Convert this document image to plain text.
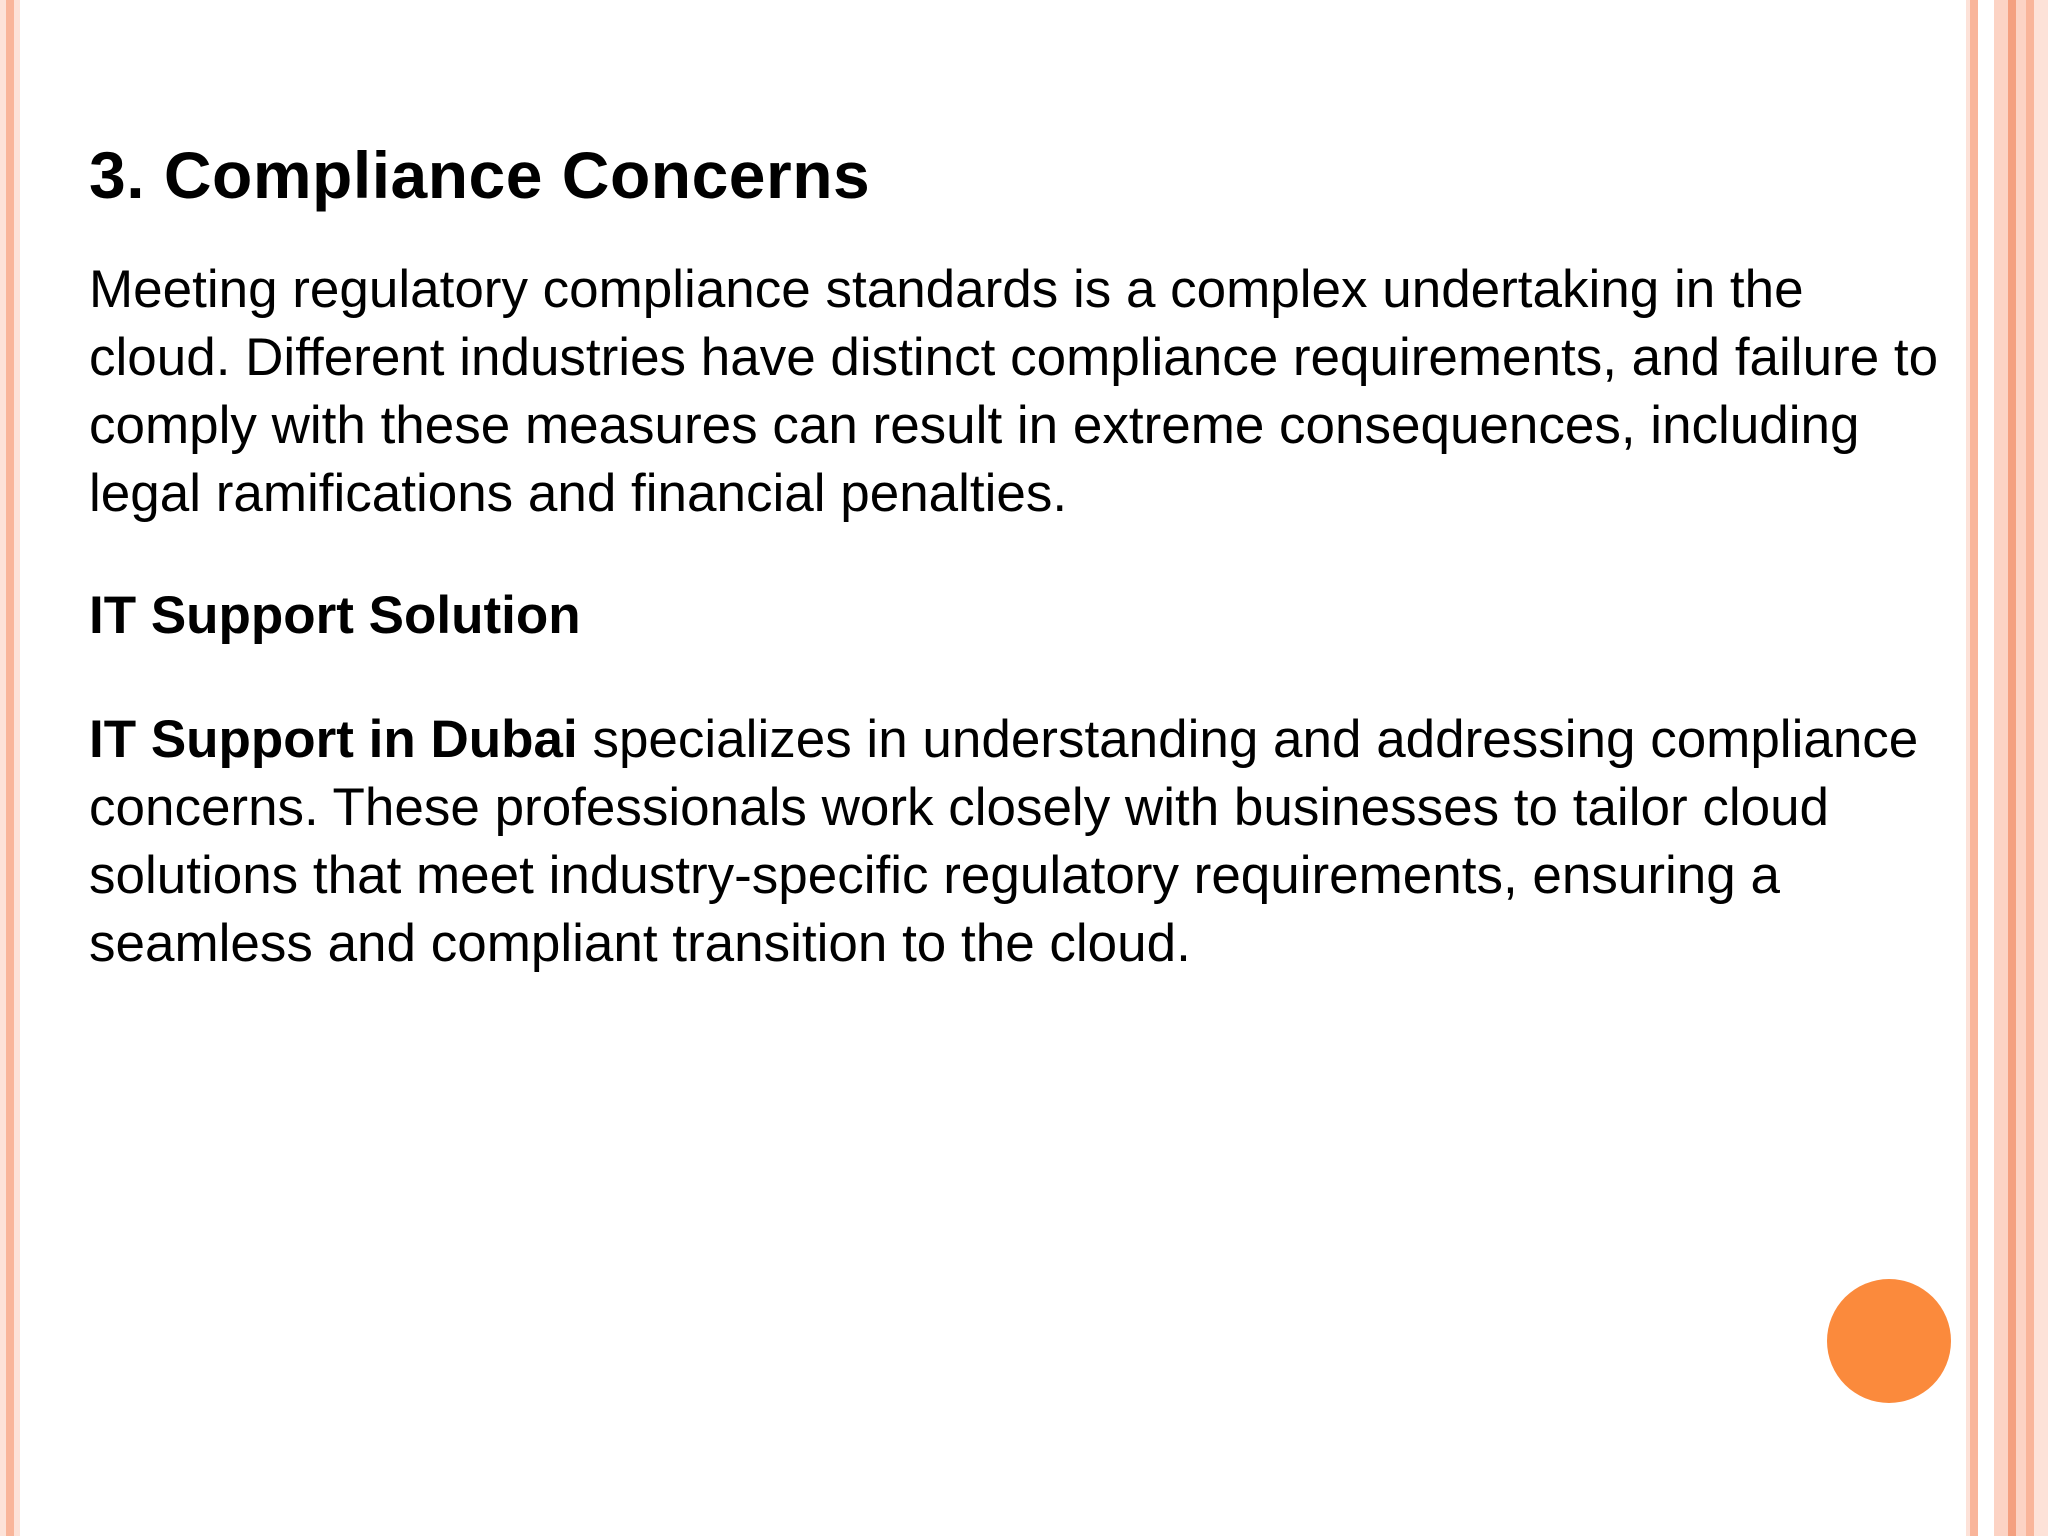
3. Compliance Concerns

Meeting regulatory compliance standards is a complex undertaking in the cloud. Different industries have distinct compliance requirements, and failure to comply with these measures can result in extreme consequences, including legal ramifications and financial penalties.

IT Support Solution

IT Support in Dubai specializes in understanding and addressing compliance concerns. These professionals work closely with businesses to tailor cloud solutions that meet industry-specific regulatory requirements, ensuring a seamless and compliant transition to the cloud.
